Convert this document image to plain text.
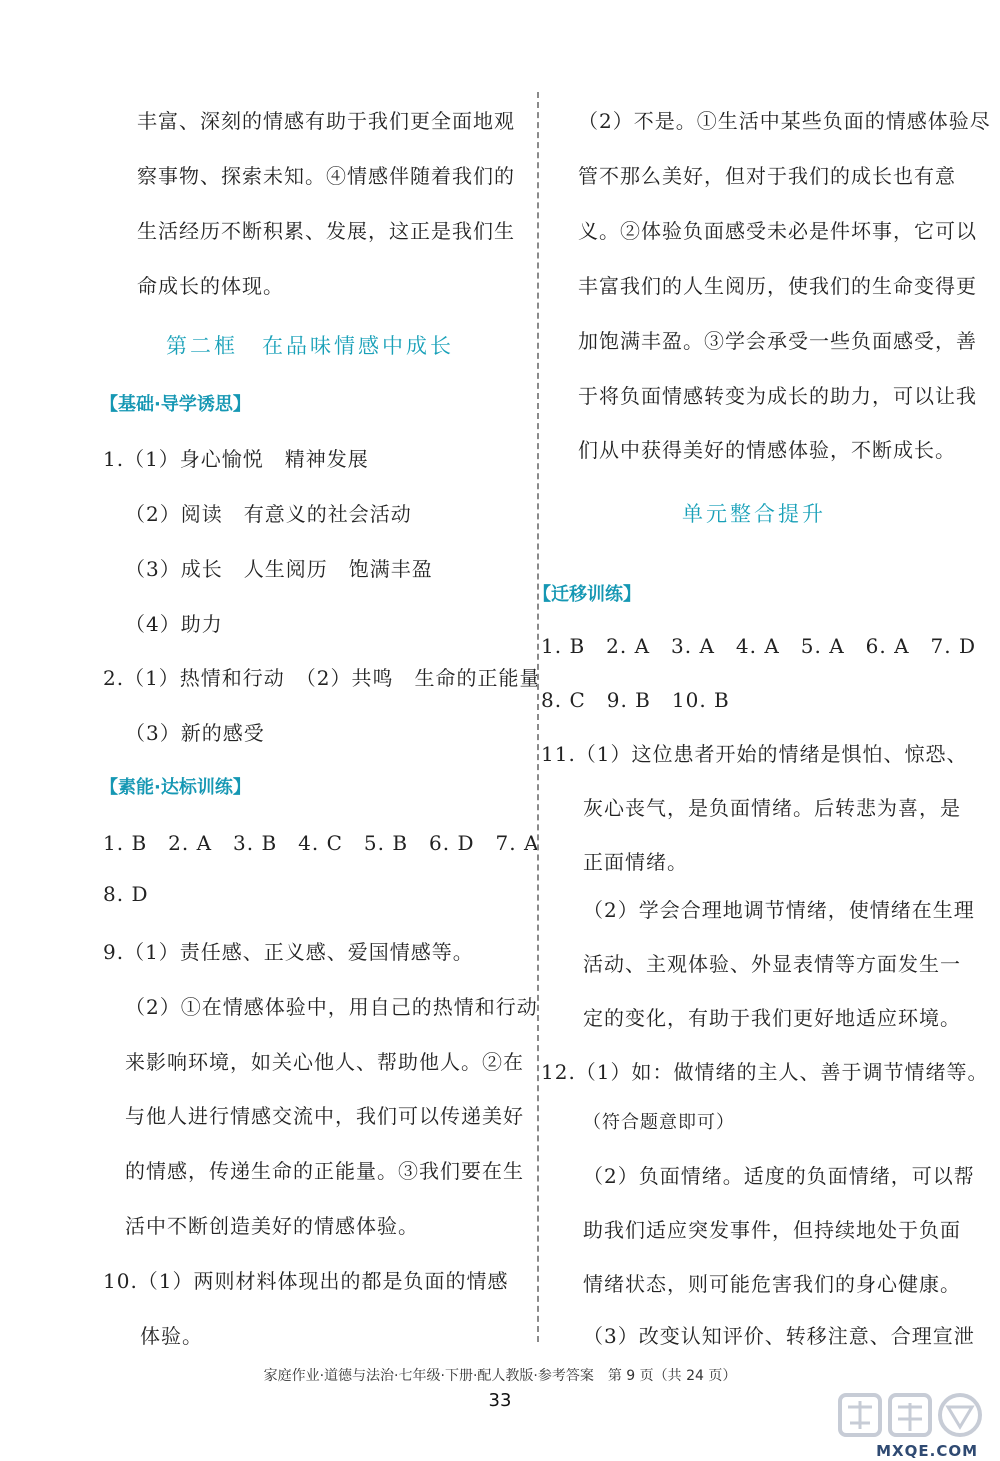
丰富、深刻的情感有助于我们更全面地观
察事物、探索未知。④情感伴随着我们的
生活经历不断积累、发展，这正是我们生
命成长的体现。
第二框　在品味情感中成长
【基础·导学诱思】
1.（1）身心愉悦　精神发展
（2）阅读　有意义的社会活动
（3）成长　人生阅历　饱满丰盈
（4）助力
2.（1）热情和行动　（2）共鸣　生命的正能量
（3）新的感受
【素能·达标训练】
1. B　2. A　3. B　4. C　5. B　6. D　7. A
8. D
9.（1）责任感、正义感、爱国情感等。
（2）①在情感体验中，用自己的热情和行动
来影响环境，如关心他人、帮助他人。②在
与他人进行情感交流中，我们可以传递美好
的情感，传递生命的正能量。③我们要在生
活中不断创造美好的情感体验。
10.（1）两则材料体现出的都是负面的情感
体验。
（2）不是。①生活中某些负面的情感体验尽
管不那么美好，但对于我们的成长也有意
义。②体验负面感受未必是件坏事，它可以
丰富我们的人生阅历，使我们的生命变得更
加饱满丰盈。③学会承受一些负面感受，善
于将负面情感转变为成长的助力，可以让我
们从中获得美好的情感体验，不断成长。
单元整合提升
【迁移训练】
1. B　2. A　3. A　4. A　5. A　6. A　7. D
8. C　9. B　10. B
11.（1）这位患者开始的情绪是惧怕、惊恐、
灰心丧气，是负面情绪。后转悲为喜，是
正面情绪。
（2）学会合理地调节情绪，使情绪在生理
活动、主观体验、外显表情等方面发生一
定的变化，有助于我们更好地适应环境。
12.（1）如：做情绪的主人、善于调节情绪等。
（符合题意即可）
（2）负面情绪。适度的负面情绪，可以帮
助我们适应突发事件，但持续地处于负面
情绪状态，则可能危害我们的身心健康。
（3）改变认知评价、转移注意、合理宣泄
家庭作业·道德与法治·七年级·下册·配人教版·参考答案　第 9 页（共 24 页）
33
MXQE.COM
